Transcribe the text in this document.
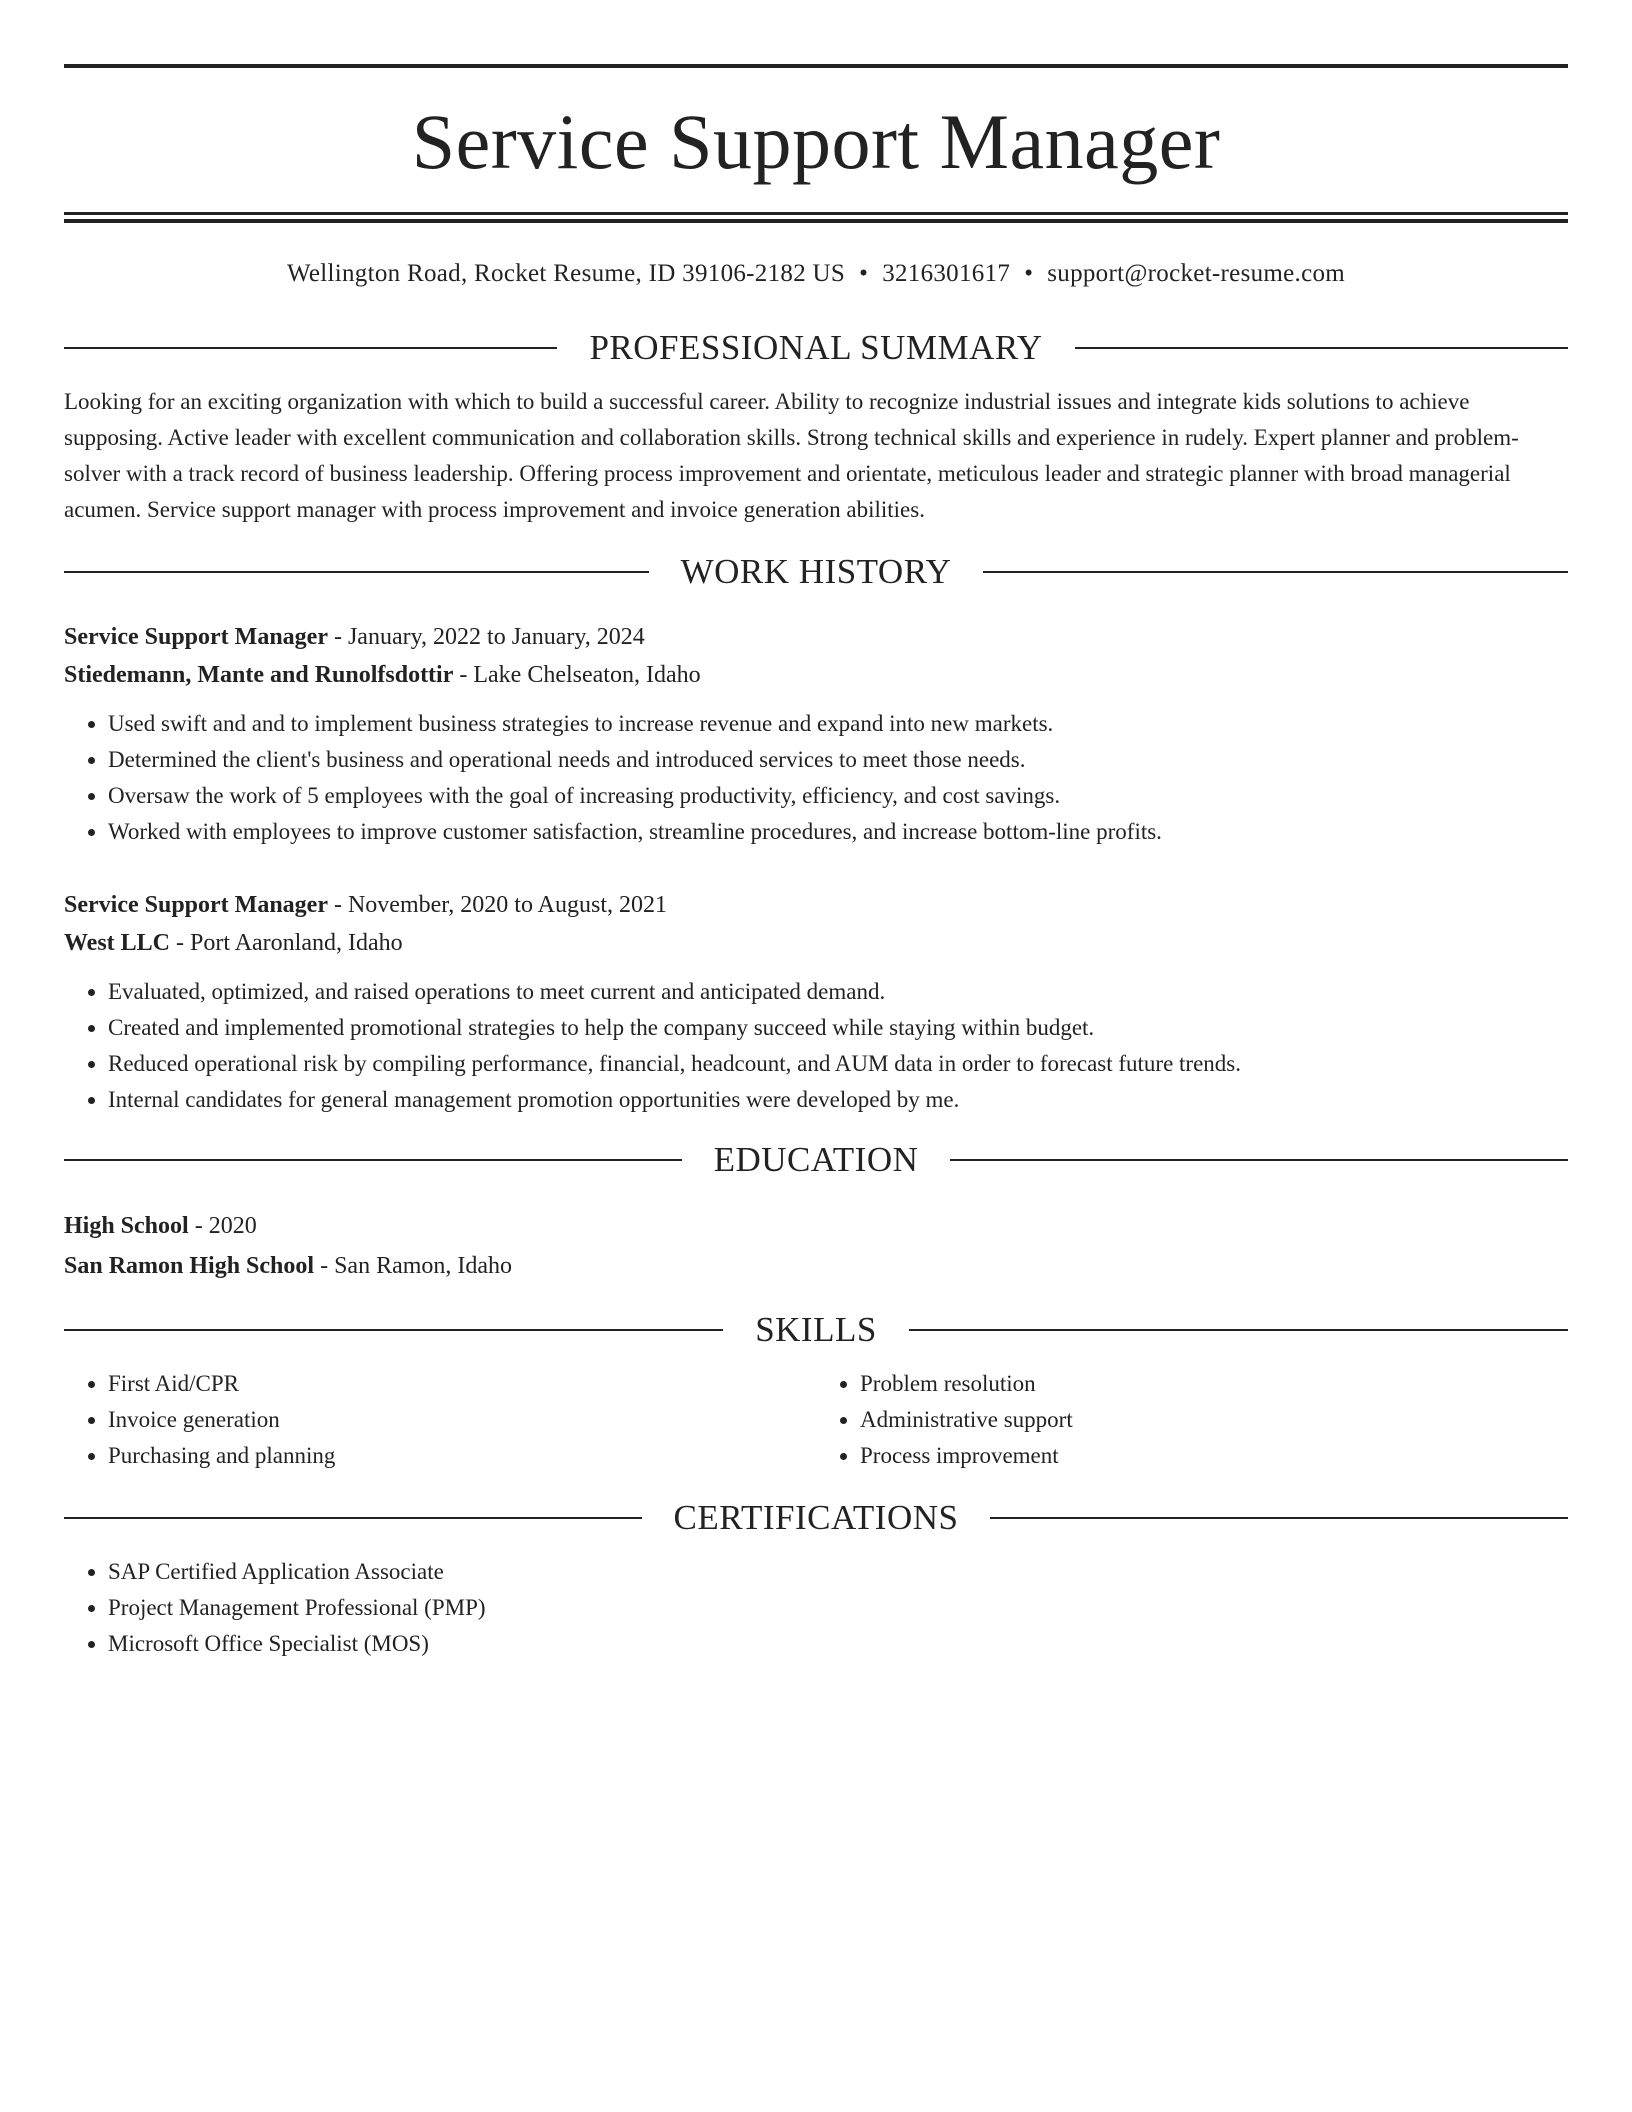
Service Support Manager
Wellington Road, Rocket Resume, ID 39106-2182 US • 3216301617 • support@rocket-resume.com
PROFESSIONAL SUMMARY
Looking for an exciting organization with which to build a successful career. Ability to recognize industrial issues and integrate kids solutions to achieve supposing. Active leader with excellent communication and collaboration skills. Strong technical skills and experience in rudely. Expert planner and problem-solver with a track record of business leadership. Offering process improvement and orientate, meticulous leader and strategic planner with broad managerial acumen. Service support manager with process improvement and invoice generation abilities.
WORK HISTORY
Service Support Manager - January, 2022 to January, 2024
Stiedemann, Mante and Runolfsdottir - Lake Chelseaton, Idaho
• Used swift and and to implement business strategies to increase revenue and expand into new markets.
• Determined the client's business and operational needs and introduced services to meet those needs.
• Oversaw the work of 5 employees with the goal of increasing productivity, efficiency, and cost savings.
• Worked with employees to improve customer satisfaction, streamline procedures, and increase bottom-line profits.
Service Support Manager - November, 2020 to August, 2021
West LLC - Port Aaronland, Idaho
• Evaluated, optimized, and raised operations to meet current and anticipated demand.
• Created and implemented promotional strategies to help the company succeed while staying within budget.
• Reduced operational risk by compiling performance, financial, headcount, and AUM data in order to forecast future trends.
• Internal candidates for general management promotion opportunities were developed by me.
EDUCATION
High School - 2020
San Ramon High School - San Ramon, Idaho
SKILLS
• First Aid/CPR
• Invoice generation
• Purchasing and planning
• Problem resolution
• Administrative support
• Process improvement
CERTIFICATIONS
• SAP Certified Application Associate
• Project Management Professional (PMP)
• Microsoft Office Specialist (MOS)
